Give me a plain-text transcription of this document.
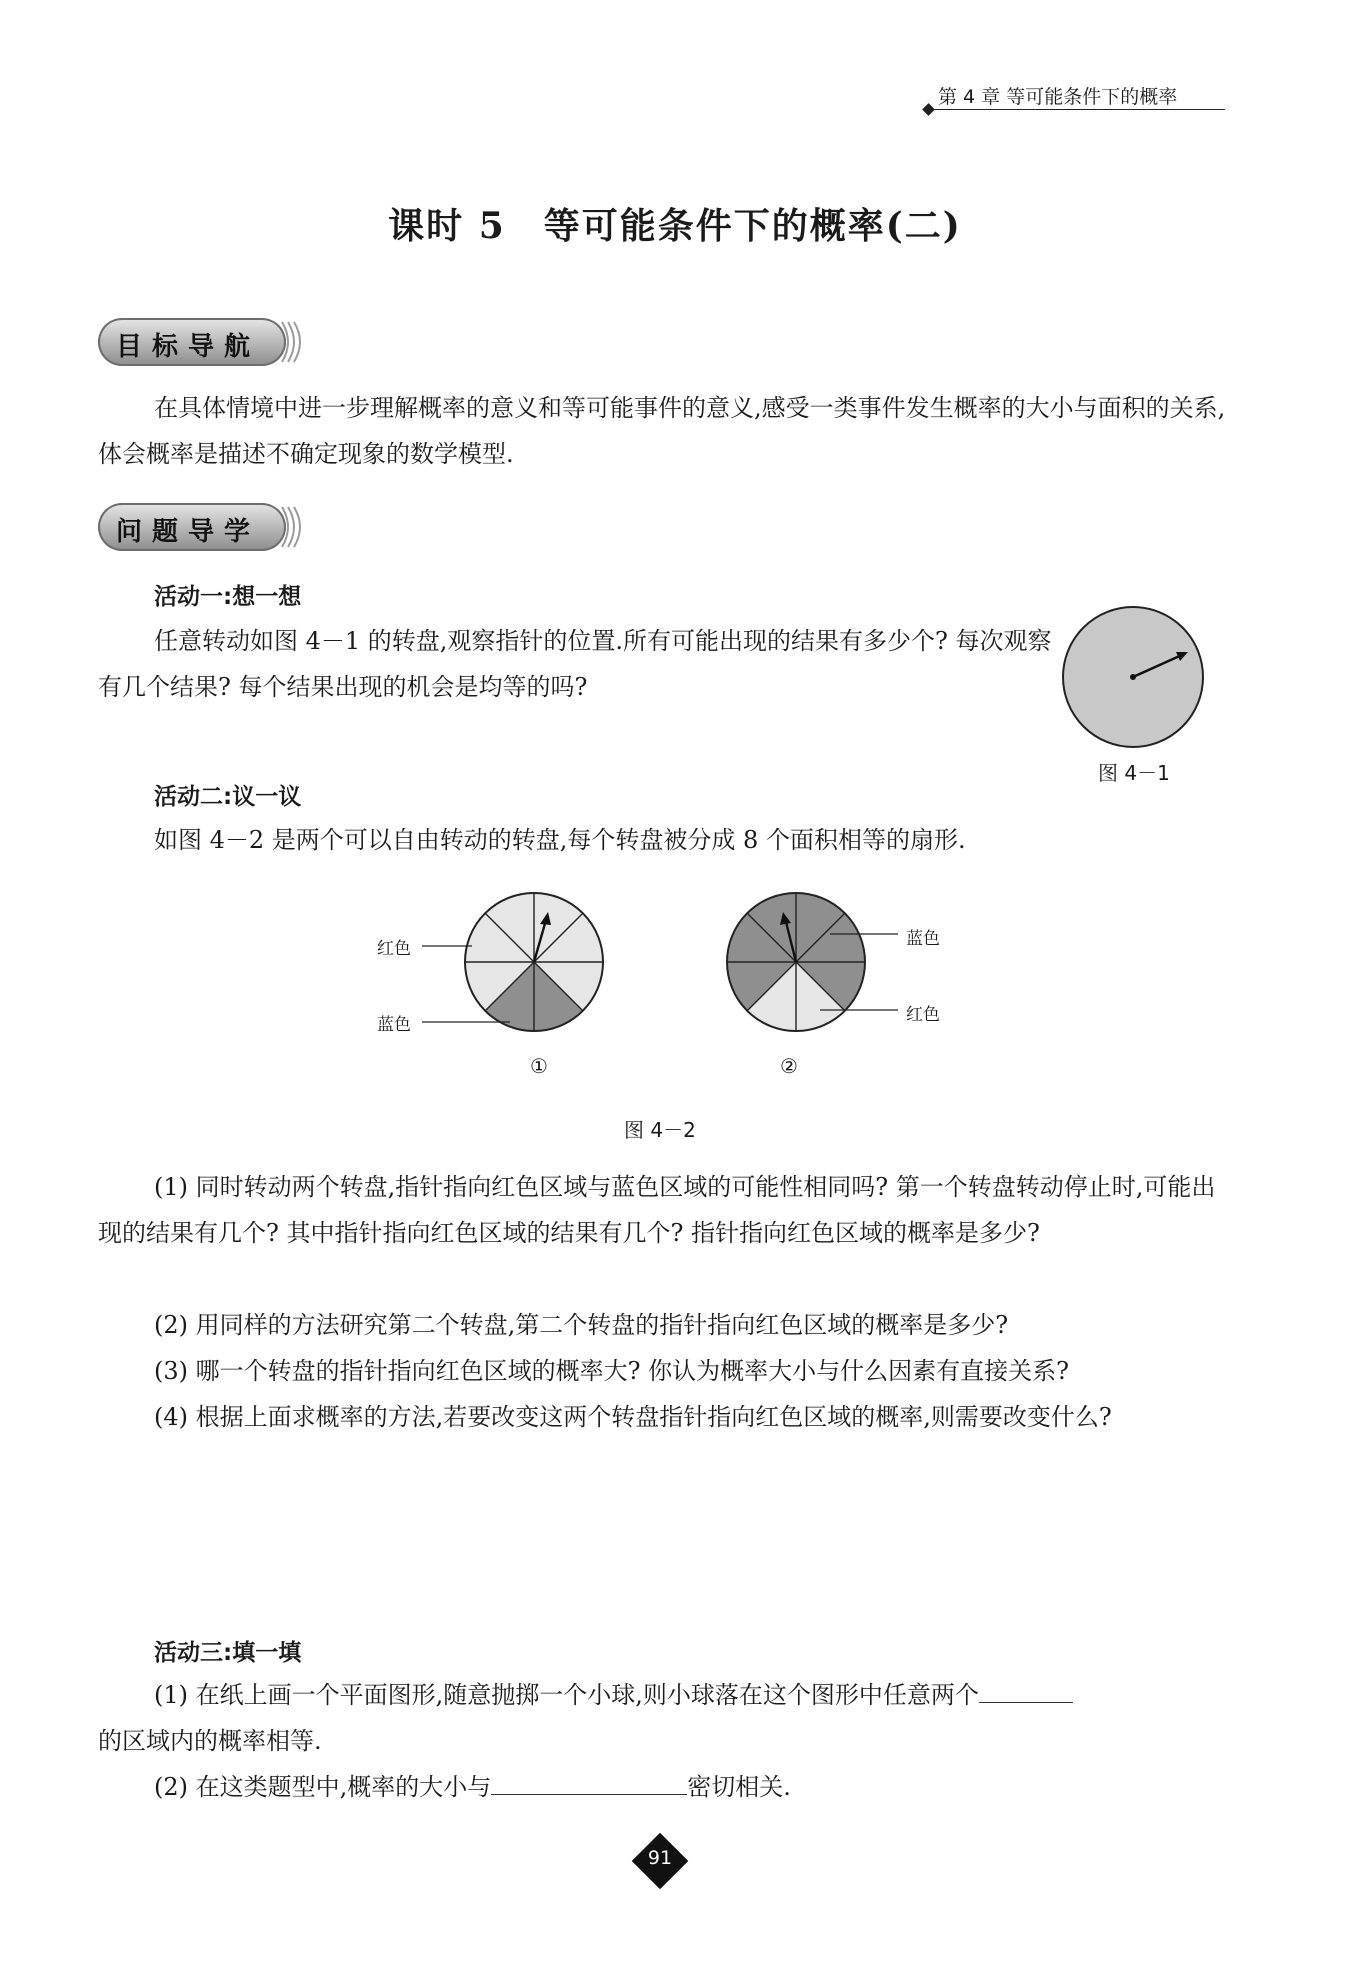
第 4 章 等可能条件下的概率
课时 5　等可能条件下的概率(二)
目标导航
在具体情境中进一步理解概率的意义和等可能事件的意义,感受一类事件发生概率的大小与面积的关系,体会概率是描述不确定现象的数学模型.
问题导学
活动一:想一想
任意转动如图 4－1 的转盘,观察指针的位置.所有可能出现的结果有多少个? 每次观察有几个结果? 每个结果出现的机会是均等的吗?
图 4－1
活动二:议一议
如图 4－2 是两个可以自由转动的转盘,每个转盘被分成 8 个面积相等的扇形.
红色
蓝色
①
蓝色
红色
②
图 4－2
(1) 同时转动两个转盘,指针指向红色区域与蓝色区域的可能性相同吗? 第一个转盘转动停止时,可能出现的结果有几个? 其中指针指向红色区域的结果有几个? 指针指向红色区域的概率是多少?
(2) 用同样的方法研究第二个转盘,第二个转盘的指针指向红色区域的概率是多少?
(3) 哪一个转盘的指针指向红色区域的概率大? 你认为概率大小与什么因素有直接关系?
(4) 根据上面求概率的方法,若要改变这两个转盘指针指向红色区域的概率,则需要改变什么?
活动三:填一填
(1) 在纸上画一个平面图形,随意抛掷一个小球,则小球落在这个图形中任意两个
的区域内的概率相等.
(2) 在这类题型中,概率的大小与	密切相关.
91
